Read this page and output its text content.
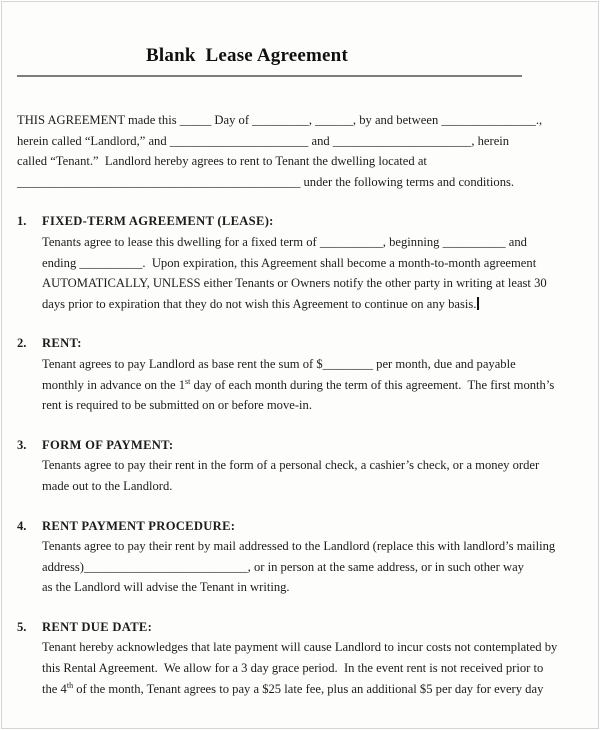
Blank  Lease Agreement
THIS AGREEMENT made this _____ Day of _________, ______, by and between _______________.,
herein called “Landlord,” and ______________________ and ______________________, herein
called “Tenant.”  Landlord hereby agrees to rent to Tenant the dwelling located at
_____________________________________________ under the following terms and conditions.
1.	FIXED-TERM AGREEMENT (LEASE):
Tenants agree to lease this dwelling for a fixed term of __________, beginning __________ and
ending __________.  Upon expiration, this Agreement shall become a month-to-month agreement
AUTOMATICALLY, UNLESS either Tenants or Owners notify the other party in writing at least 30
days prior to expiration that they do not wish this Agreement to continue on any basis.
2.	RENT:
Tenant agrees to pay Landlord as base rent the sum of $________ per month, due and payable
monthly in advance on the 1st day of each month during the term of this agreement.  The first month’s
rent is required to be submitted on or before move-in.
3.	FORM OF PAYMENT:
Tenants agree to pay their rent in the form of a personal check, a cashier’s check, or a money order
made out to the Landlord.
4.	RENT PAYMENT PROCEDURE:
Tenants agree to pay their rent by mail addressed to the Landlord (replace this with landlord’s mailing
address)__________________________, or in person at the same address, or in such other way
as the Landlord will advise the Tenant in writing.
5.	RENT DUE DATE:
Tenant hereby acknowledges that late payment will cause Landlord to incur costs not contemplated by
this Rental Agreement.  We allow for a 3 day grace period.  In the event rent is not received prior to
the 4th of the month, Tenant agrees to pay a $25 late fee, plus an additional $5 per day for every day
